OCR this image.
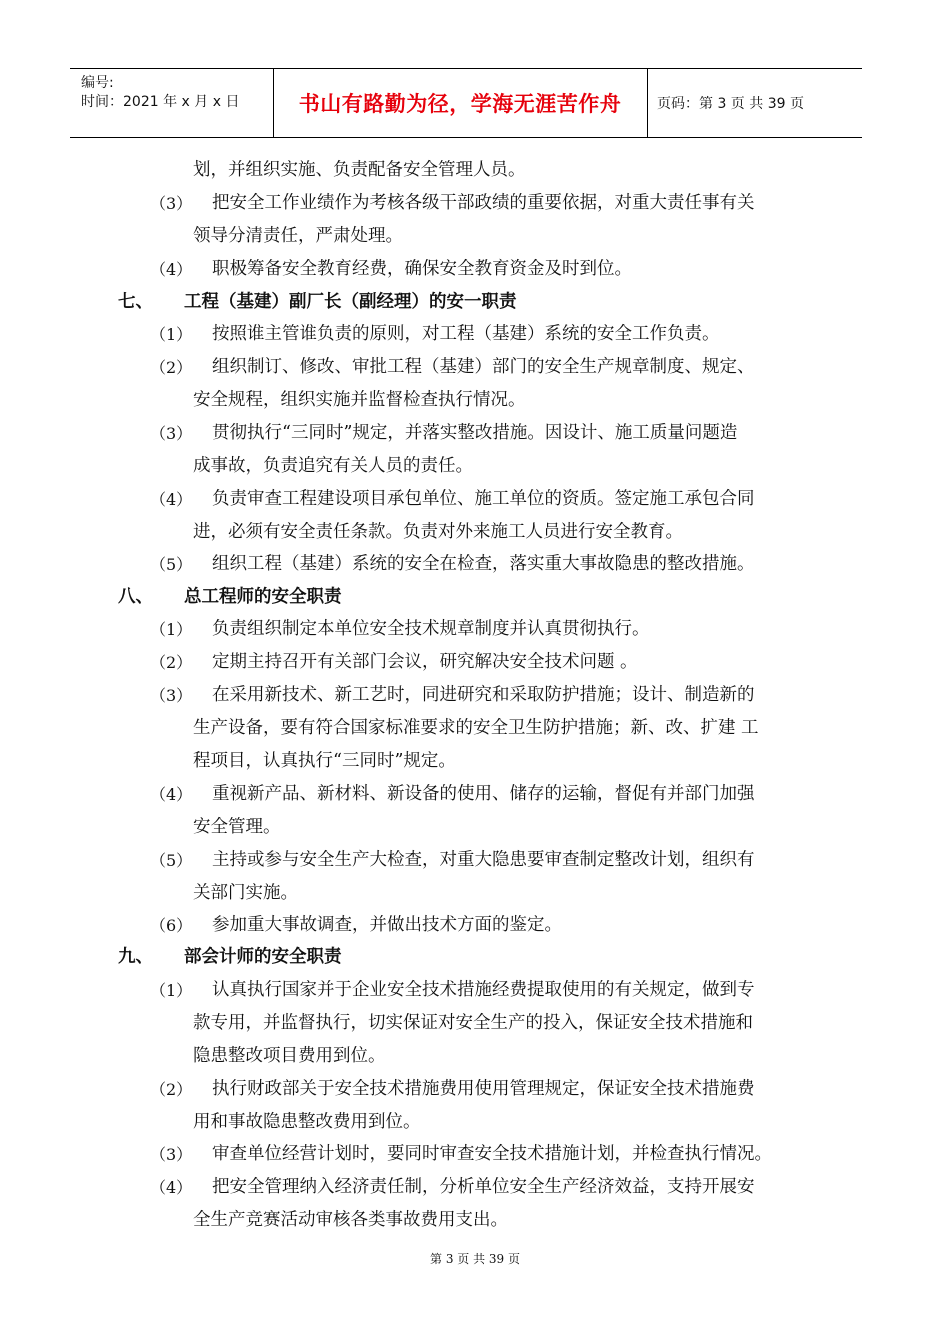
编号:
时间：2021 年 x 月 x 日	书山有路勤为径，学海无涯苦作舟	页码：第 3 页 共 39 页
划，并组织实施、负责配备安全管理人员。
（3） 把安全工作业绩作为考核各级干部政绩的重要依据，对重大责任事有关
领导分清责任，严肃处理。
（4） 职极筹备安全教育经费，确保安全教育资金及时到位。
七、 工程（基建）副厂长（副经理）的安一职责
（1） 按照谁主管谁负责的原则，对工程（基建）系统的安全工作负责。
（2） 组织制订、修改、审批工程（基建）部门的安全生产规章制度、规定、
安全规程，组织实施并监督检查执行情况。
（3） 贯彻执行“三同时”规定，并落实整改措施。因设计、施工质量问题造
成事故，负责追究有关人员的责任。
（4） 负责审查工程建设项目承包单位、施工单位的资质。签定施工承包合同
进，必须有安全责任条款。负责对外来施工人员进行安全教育。
（5） 组织工程（基建）系统的安全在检查，落实重大事故隐患的整改措施。
八、 总工程师的安全职责
（1） 负责组织制定本单位安全技术规章制度并认真贯彻执行。
（2） 定期主持召开有关部门会议，研究解决安全技术问题 。
（3） 在采用新技术、新工艺时，同进研究和采取防护措施；设计、制造新的
生产设备，要有符合国家标准要求的安全卫生防护措施；新、改、扩建 工
程项目，认真执行“三同时”规定。
（4） 重视新产品、新材料、新设备的使用、储存的运输，督促有并部门加强
安全管理。
（5） 主持或参与安全生产大检查，对重大隐患要审查制定整改计划，组织有
关部门实施。
（6） 参加重大事故调查，并做出技术方面的鉴定。
九、 部会计师的安全职责
（1） 认真执行国家并于企业安全技术措施经费提取使用的有关规定，做到专
款专用，并监督执行，切实保证对安全生产的投入，保证安全技术措施和
隐患整改项目费用到位。
（2） 执行财政部关于安全技术措施费用使用管理规定，保证安全技术措施费
用和事故隐患整改费用到位。
（3） 审查单位经营计划时，要同时审查安全技术措施计划，并检查执行情况。
（4） 把安全管理纳入经济责任制，分析单位安全生产经济效益，支持开展安
全生产竞赛活动审核各类事故费用支出。
第 3 页 共 39 页
